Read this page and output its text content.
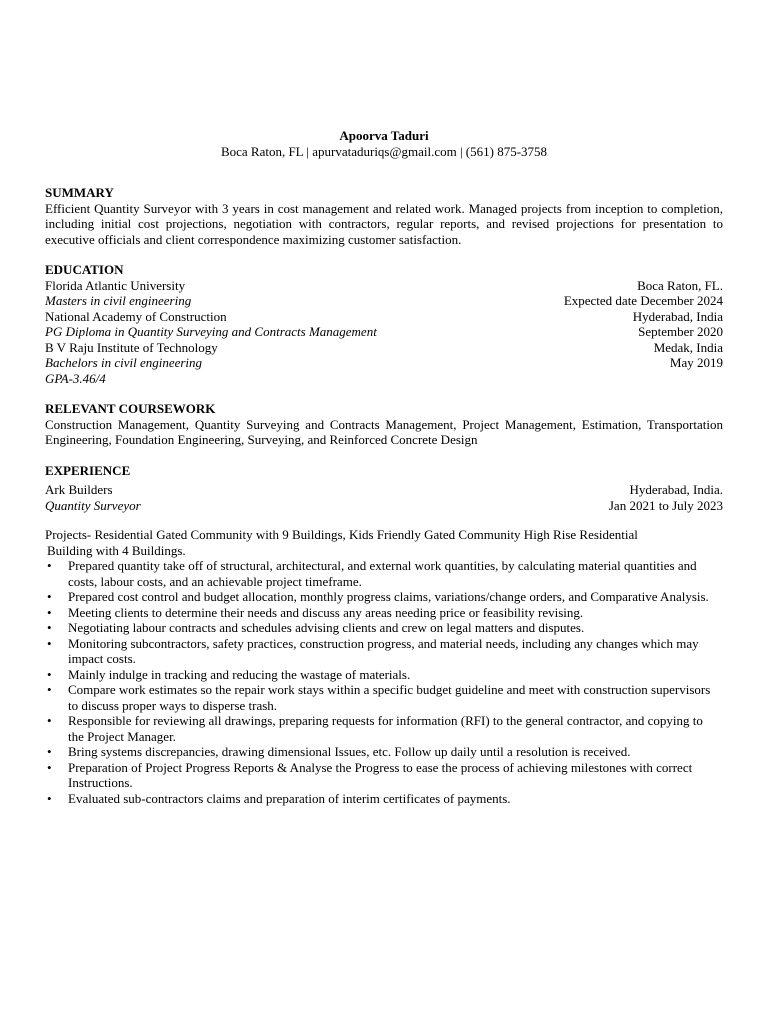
Apoorva Taduri
Boca Raton, FL | apurvataduriqs@gmail.com | (561) 875-3758
SUMMARY
Efficient Quantity Surveyor with 3 years in cost management and related work. Managed projects from inception to completion, including initial cost projections, negotiation with contractors, regular reports, and revised projections for presentation to executive officials and client correspondence maximizing customer satisfaction.
EDUCATION
Florida Atlantic University	Boca Raton, FL.
Masters in civil engineering	Expected date December 2024
National Academy of Construction	Hyderabad, India
PG Diploma in Quantity Surveying and Contracts Management	September 2020
B V Raju Institute of Technology	Medak, India
Bachelors in civil engineering	May 2019
GPA-3.46/4
RELEVANT COURSEWORK
Construction Management, Quantity Surveying and Contracts Management, Project Management, Estimation, Transportation Engineering, Foundation Engineering, Surveying, and Reinforced Concrete Design
EXPERIENCE
Ark Builders	Hyderabad, India.
Quantity Surveyor	Jan 2021 to July 2023
Projects- Residential Gated Community with 9 Buildings, Kids Friendly Gated Community High Rise Residential
Building with 4 Buildings.
• Prepared quantity take off of structural, architectural, and external work quantities, by calculating material quantities and costs, labour costs, and an achievable project timeframe.
• Prepared cost control and budget allocation, monthly progress claims, variations/change orders, and Comparative Analysis.
• Meeting clients to determine their needs and discuss any areas needing price or feasibility revising.
• Negotiating labour contracts and schedules advising clients and crew on legal matters and disputes.
• Monitoring subcontractors, safety practices, construction progress, and material needs, including any changes which may impact costs.
• Mainly indulge in tracking and reducing the wastage of materials.
• Compare work estimates so the repair work stays within a specific budget guideline and meet with construction supervisors to discuss proper ways to disperse trash.
• Responsible for reviewing all drawings, preparing requests for information (RFI) to the general contractor, and copying to the Project Manager.
• Bring systems discrepancies, drawing dimensional Issues, etc. Follow up daily until a resolution is received.
• Preparation of Project Progress Reports & Analyse the Progress to ease the process of achieving milestones with correct Instructions.
• Evaluated sub-contractors claims and preparation of interim certificates of payments.
